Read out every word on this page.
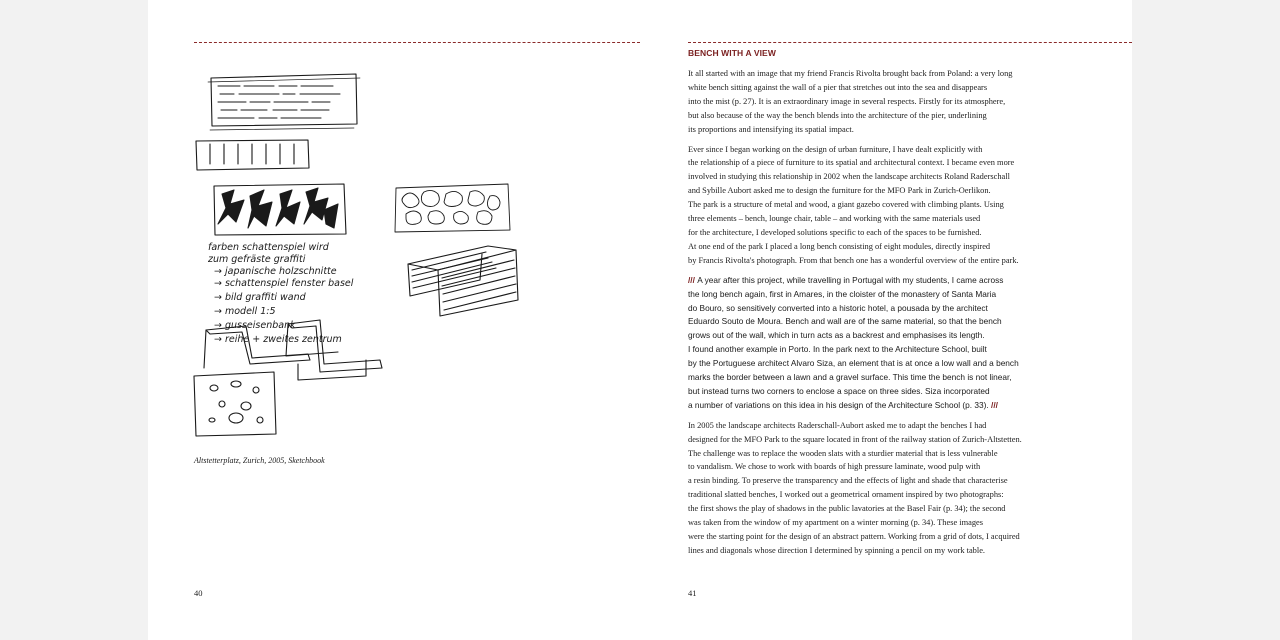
farben schattenspiel wird
zum gefräste graffiti
→ japanische holzschnitte
→ schattenspiel fenster basel
→ bild graffiti wand
→ modell 1:5
→ gusseisenbank
→ reihe + zweites zentrum
Altstetterplatz, Zurich, 2005, Sketchbook
40
BENCH WITH A VIEW
It all started with an image that my friend Francis Rivolta brought back from Poland: a very long
white bench sitting against the wall of a pier that stretches out into the sea and disappears
into the mist (p. 27). It is an extraordinary image in several respects. Firstly for its atmosphere,
but also because of the way the bench blends into the architecture of the pier, underlining
its proportions and intensifying its spatial impact.
Ever since I began working on the design of urban furniture, I have dealt explicitly with
the relationship of a piece of furniture to its spatial and architectural context. I became even more
involved in studying this relationship in 2002 when the landscape architects Roland Raderschall
and Sybille Aubort asked me to design the furniture for the MFO Park in Zurich-Oerlikon.
The park is a structure of metal and wood, a giant gazebo covered with climbing plants. Using
three elements – bench, lounge chair, table – and working with the same materials used
for the architecture, I developed solutions specific to each of the spaces to be furnished.
At one end of the park I placed a long bench consisting of eight modules, directly inspired
by Francis Rivolta's photograph. From that bench one has a wonderful overview of the entire park.
/// A year after this project, while travelling in Portugal with my students, I came across
the long bench again, first in Amares, in the cloister of the monastery of Santa Maria
do Bouro, so sensitively converted into a historic hotel, a pousada by the architect
Eduardo Souto de Moura. Bench and wall are of the same material, so that the bench
grows out of the wall, which in turn acts as a backrest and emphasises its length.
I found another example in Porto. In the park next to the Architecture School, built
by the Portuguese architect Alvaro Siza, an element that is at once a low wall and a bench
marks the border between a lawn and a gravel surface. This time the bench is not linear,
but instead turns two corners to enclose a space on three sides. Siza incorporated
a number of variations on this idea in his design of the Architecture School (p. 33). ///
In 2005 the landscape architects Raderschall-Aubort asked me to adapt the benches I had
designed for the MFO Park to the square located in front of the railway station of Zurich-Altstetten.
The challenge was to replace the wooden slats with a sturdier material that is less vulnerable
to vandalism. We chose to work with boards of high pressure laminate, wood pulp with
a resin binding. To preserve the transparency and the effects of light and shade that characterise
traditional slatted benches, I worked out a geometrical ornament inspired by two photographs:
the first shows the play of shadows in the public lavatories at the Basel Fair (p. 34); the second
was taken from the window of my apartment on a winter morning (p. 34). These images
were the starting point for the design of an abstract pattern. Working from a grid of dots, I acquired
lines and diagonals whose direction I determined by spinning a pencil on my work table.
41
